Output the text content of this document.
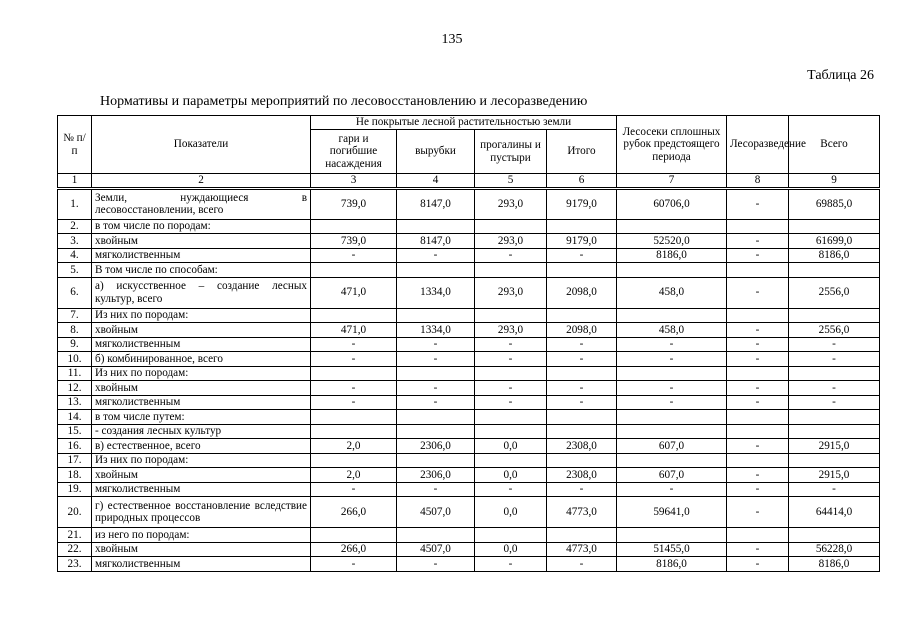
135
Таблица 26
Нормативы и параметры мероприятий по лесовосстановлению и лесоразведению
№ п/п	Показатели	Не покрытые лесной растительностью земли				Лесосеки сплошных рубок предстоящего периода	Лесоразведение	Всего
		гари и погибшие насаждения	вырубки	прогалины и пустыри	Итого			
1	2	3	4	5	6	7	8	9
1.	Земли, нуждающиеся в лесовосстановлении, всего	739,0	8147,0	293,0	9179,0	60706,0	-	69885,0
2.	в том числе по породам:							
3.	хвойным	739,0	8147,0	293,0	9179,0	52520,0	-	61699,0
4.	мягколиственным	-	-	-	-	8186,0	-	8186,0
5.	В том числе по способам:							
6.	а) искусственное – создание лесных культур, всего	471,0	1334,0	293,0	2098,0	458,0	-	2556,0
7.	Из них по породам:							
8.	хвойным	471,0	1334,0	293,0	2098,0	458,0	-	2556,0
9.	мягколиственным	-	-	-	-	-	-	-
10.	б) комбинированное, всего	-	-	-	-	-	-	-
11.	Из них по породам:							
12.	хвойным	-	-	-	-	-	-	-
13.	мягколиственным	-	-	-	-	-	-	-
14.	в том числе путем:							
15.	- создания лесных культур							
16.	в) естественное, всего	2,0	2306,0	0,0	2308,0	607,0	-	2915,0
17.	Из них по породам:							
18.	хвойным	2,0	2306,0	0,0	2308,0	607,0	-	2915,0
19.	мягколиственным	-	-	-	-	-	-	-
20.	г) естественное восстановление вследствие природных процессов	266,0	4507,0	0,0	4773,0	59641,0	-	64414,0
21.	из него по породам:							
22.	хвойным	266,0	4507,0	0,0	4773,0	51455,0	-	56228,0
23.	мягколиственным	-	-	-	-	8186,0	-	8186,0
